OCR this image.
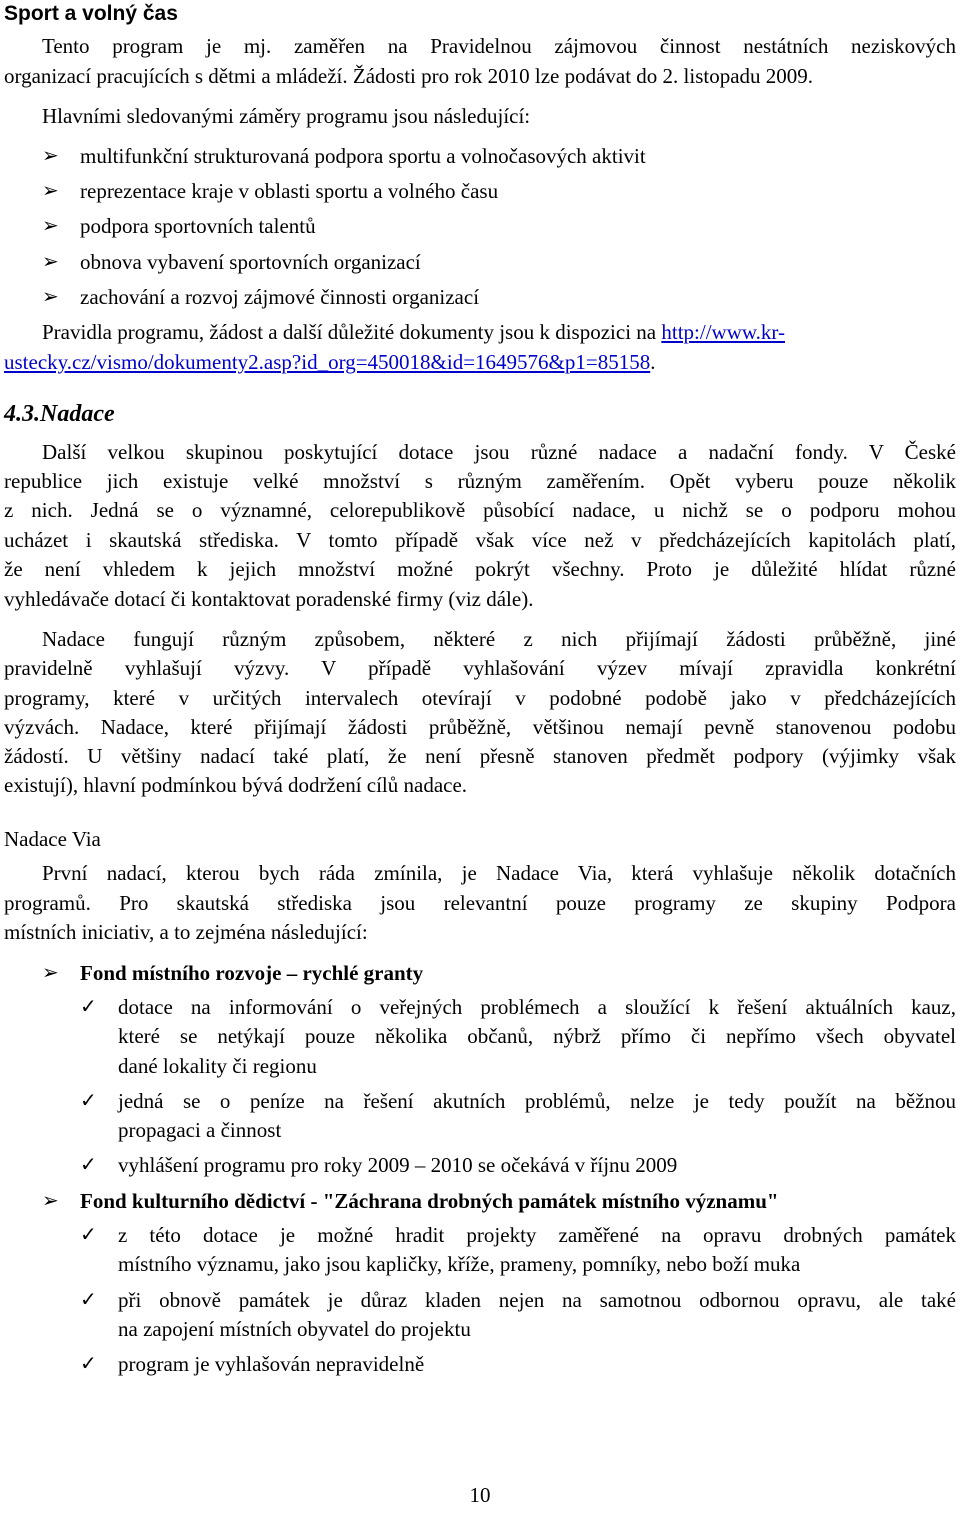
Sport a volný čas
Tento program je mj. zaměřen na Pravidelnou zájmovou činnost nestátních neziskových
organizací pracujících s dětmi a mládeží. Žádosti pro rok 2010 lze podávat do 2. listopadu 2009.
Hlavními sledovanými záměry programu jsou následující:
➢ multifunkční strukturovaná podpora sportu a volnočasových aktivit
➢ reprezentace kraje v oblasti sportu a volného času
➢ podpora sportovních talentů
➢ obnova vybavení sportovních organizací
➢ zachování a rozvoj zájmové činnosti organizací
Pravidla programu, žádost a další důležité dokumenty jsou k dispozici na http://www.kr-
ustecky.cz/vismo/dokumenty2.asp?id_org=450018&id=1649576&p1=85158.
4.3.Nadace
Další velkou skupinou poskytující dotace jsou různé nadace a nadační fondy. V České
republice jich existuje velké množství s různým zaměřením. Opět vyberu pouze několik
z nich. Jedná se o významné, celorepublikově působící nadace, u nichž se o podporu mohou
ucházet i skautská střediska. V tomto případě však více než v předcházejících kapitolách platí,
že není vhledem k jejich množství možné pokrýt všechny. Proto je důležité hlídat různé
vyhledávače dotací či kontaktovat poradenské firmy (viz dále).
Nadace fungují různým způsobem, některé z nich přijímají žádosti průběžně, jiné
pravidelně vyhlašují výzvy. V případě vyhlašování výzev mívají zpravidla konkrétní
programy, které v určitých intervalech otevírají v podobné podobě jako v předcházejících
výzvách. Nadace, které přijímají žádosti průběžně, většinou nemají pevně stanovenou podobu
žádostí. U většiny nadací také platí, že není přesně stanoven předmět podpory (výjimky však
existují), hlavní podmínkou bývá dodržení cílů nadace.
Nadace Via
První nadací, kterou bych ráda zmínila, je Nadace Via, která vyhlašuje několik dotačních
programů. Pro skautská střediska jsou relevantní pouze programy ze skupiny Podpora
místních iniciativ, a to zejména následující:
➢ Fond místního rozvoje – rychlé granty
✓ dotace na informování o veřejných problémech a sloužící k řešení aktuálních kauz,
které se netýkají pouze několika občanů, nýbrž přímo či nepřímo všech obyvatel
dané lokality či regionu
✓ jedná se o peníze na řešení akutních problémů, nelze je tedy použít na běžnou
propagaci a činnost
✓ vyhlášení programu pro roky 2009 – 2010 se očekává v říjnu 2009
➢ Fond kulturního dědictví - "Záchrana drobných památek místního významu"
✓ z této dotace je možné hradit projekty zaměřené na opravu drobných památek
místního významu, jako jsou kapličky, kříže, prameny, pomníky, nebo boží muka
✓ při obnově památek je důraz kladen nejen na samotnou odbornou opravu, ale také
na zapojení místních obyvatel do projektu
✓ program je vyhlašován nepravidelně
10
